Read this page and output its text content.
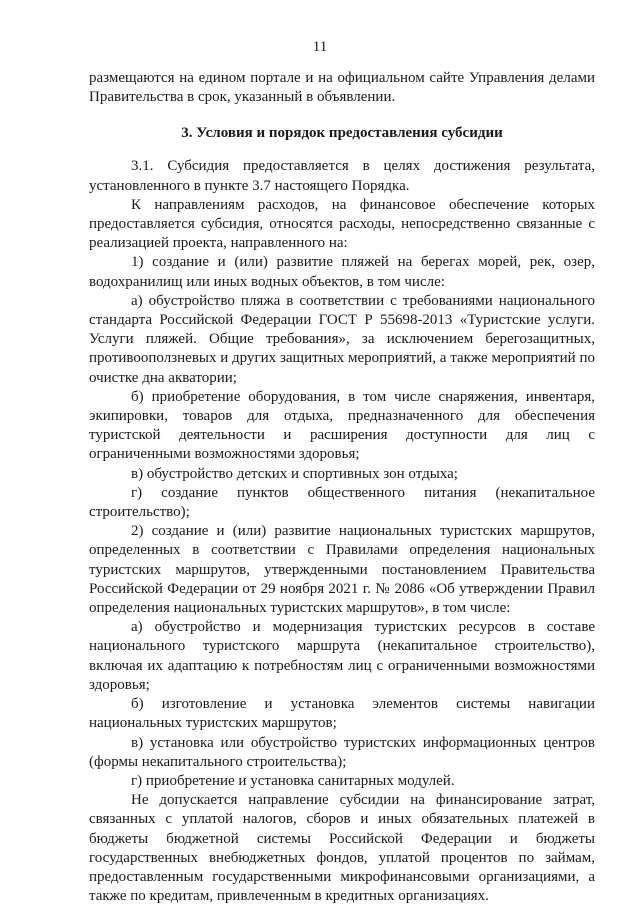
11

размещаются на едином портале и на официальном сайте Управления делами Правительства в срок, указанный в объявлении.

3. Условия и порядок предоставления субсидии

3.1. Субсидия предоставляется в целях достижения результата, установленного в пункте 3.7 настоящего Порядка.

К направлениям расходов, на финансовое обеспечение которых предоставляется субсидия, относятся расходы, непосредственно связанные с реализацией проекта, направленного на:

1) создание и (или) развитие пляжей на берегах морей, рек, озер, водохранилищ или иных водных объектов, в том числе:

а) обустройство пляжа в соответствии с требованиями национального стандарта Российской Федерации ГОСТ Р 55698-2013 «Туристские услуги. Услуги пляжей. Общие требования», за исключением берегозащитных, противооползневых и других защитных мероприятий, а также мероприятий по очистке дна акватории;

б) приобретение оборудования, в том числе снаряжения, инвентаря, экипировки, товаров для отдыха, предназначенного для обеспечения туристской деятельности и расширения доступности для лиц с ограниченными возможностями здоровья;

в) обустройство детских и спортивных зон отдыха;

г) создание пунктов общественного питания (некапитальное строительство);

2) создание и (или) развитие национальных туристских маршрутов, определенных в соответствии с Правилами определения национальных туристских маршрутов, утвержденными постановлением Правительства Российской Федерации от 29 ноября 2021 г. № 2086 «Об утверждении Правил определения национальных туристских маршрутов», в том числе:

а) обустройство и модернизация туристских ресурсов в составе национального туристского маршрута (некапитальное строительство), включая их адаптацию к потребностям лиц с ограниченными возможностями здоровья;

б) изготовление и установка элементов системы навигации национальных туристских маршрутов;

в) установка или обустройство туристских информационных центров (формы некапитального строительства);

г) приобретение и установка санитарных модулей.

Не допускается направление субсидии на финансирование затрат, связанных с уплатой налогов, сборов и иных обязательных платежей в бюджеты бюджетной системы Российской Федерации и бюджеты государственных внебюджетных фондов, уплатой процентов по займам, предоставленным государственными микрофинансовыми организациями, а также по кредитам, привлеченным в кредитных организациях.
